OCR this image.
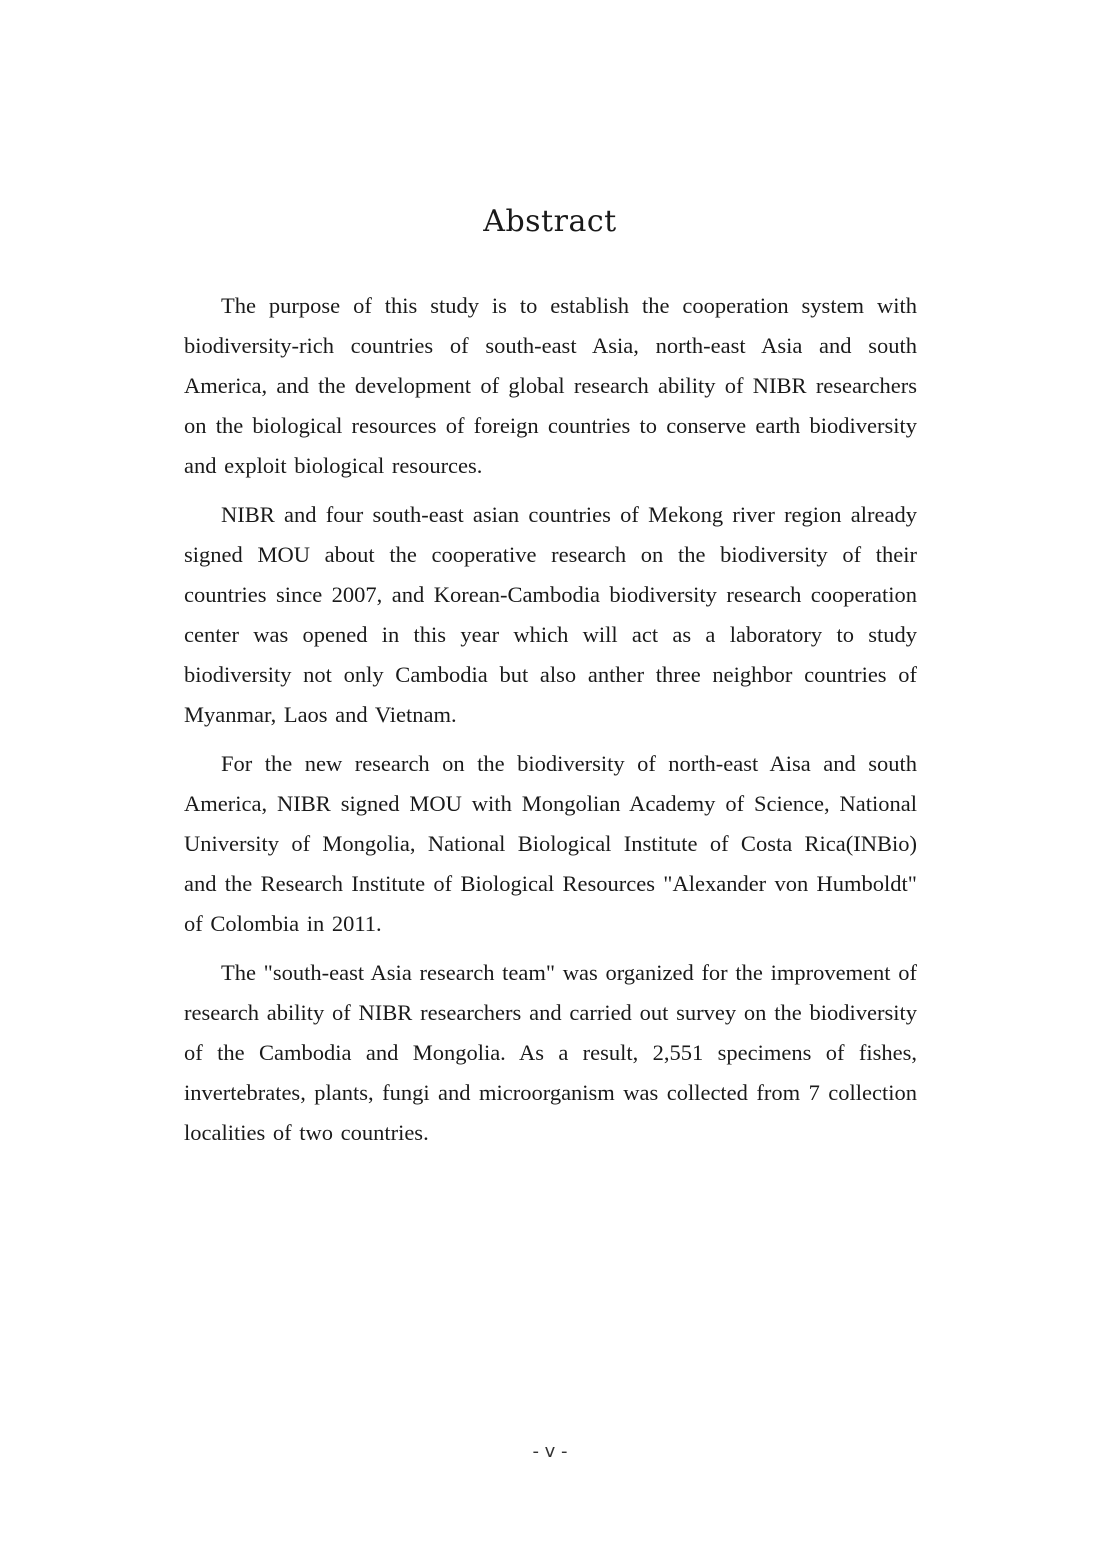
Abstract

The purpose of this study is to establish the cooperation system with biodiversity-rich countries of south-east Asia, north-east Asia and south America, and the development of global research ability of NIBR researchers on the biological resources of foreign countries to conserve earth biodiversity and exploit biological resources.

NIBR and four south-east asian countries of Mekong river region already signed MOU about the cooperative research on the biodiversity of their countries since 2007, and Korean-Cambodia biodiversity research cooperation center was opened in this year which will act as a laboratory to study biodiversity not only Cambodia but also anther three neighbor countries of Myanmar, Laos and Vietnam.

For the new research on the biodiversity of north-east Aisa and south America, NIBR signed MOU with Mongolian Academy of Science, National University of Mongolia, National Biological Institute of Costa Rica(INBio) and the Research Institute of Biological Resources "Alexander von Humboldt" of Colombia in 2011.

The "south-east Asia research team" was organized for the improvement of research ability of NIBR researchers and carried out survey on the biodiversity of the Cambodia and Mongolia. As a result, 2,551 specimens of fishes, invertebrates, plants, fungi and microorganism was collected from 7 collection localities of two countries.

- v -
